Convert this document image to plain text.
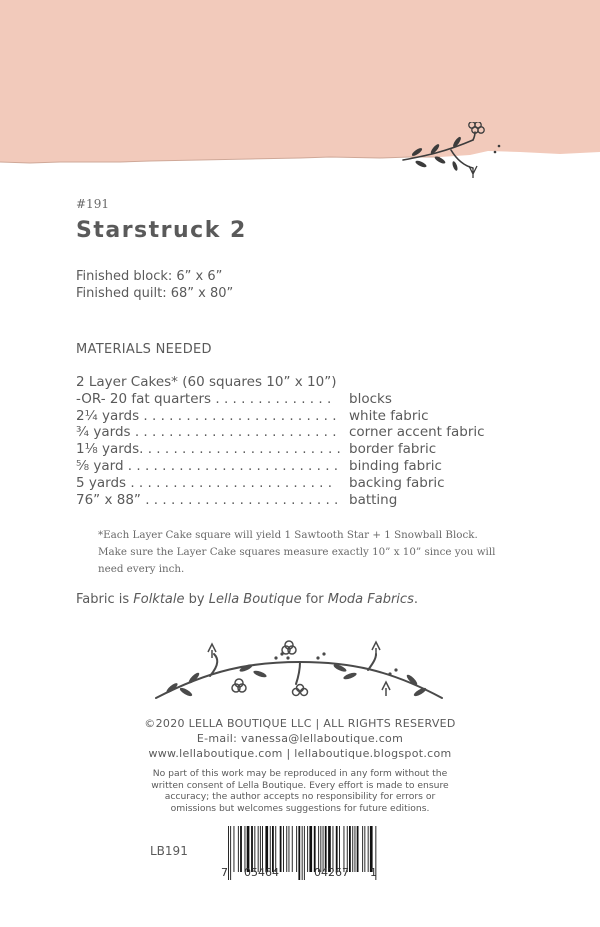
#191
Starstruck 2
Finished block: 6” x 6”
Finished quilt: 68” x 80”
MATERIALS NEEDED
2 Layer Cakes* (60 squares 10” x 10”)
-OR- 20 fat quarters . . . . . . . . . . . . . .	blocks
2¼ yards . . . . . . . . . . . . . . . . . . . . . . . white fabric
¾ yards . . . . . . . . . . . . . . . . . . . . . . . . corner accent fabric
1⅛ yards. . . . . . . . . . . . . . . . . . . . . . . . border fabric
⅝ yard . . . . . . . . . . . . . . . . . . . . . . . . . binding fabric
5 yards . . . . . . . . . . . . . . . . . . . . . . . .	backing fabric
76” x 88” . . . . . . . . . . . . . . . . . . . . . . . batting
*Each Layer Cake square will yield 1 Sawtooth Star + 1 Snowball Block.
Make sure the Layer Cake squares measure exactly 10” x 10” since you will
need every inch.
Fabric is Folktale by Lella Boutique for Moda Fabrics.
©2020 LELLA BOUTIQUE LLC | ALL RIGHTS RESERVED
E-mail: vanessa@lellaboutique.com
www.lellaboutique.com | lellaboutique.blogspot.com
No part of this work may be reproduced in any form without the
written consent of Lella Boutique. Every effort is made to ensure
accuracy; the author accepts no responsibility for errors or
omissions but welcomes suggestions for future editions.
LB191
7 05464	04267 1
